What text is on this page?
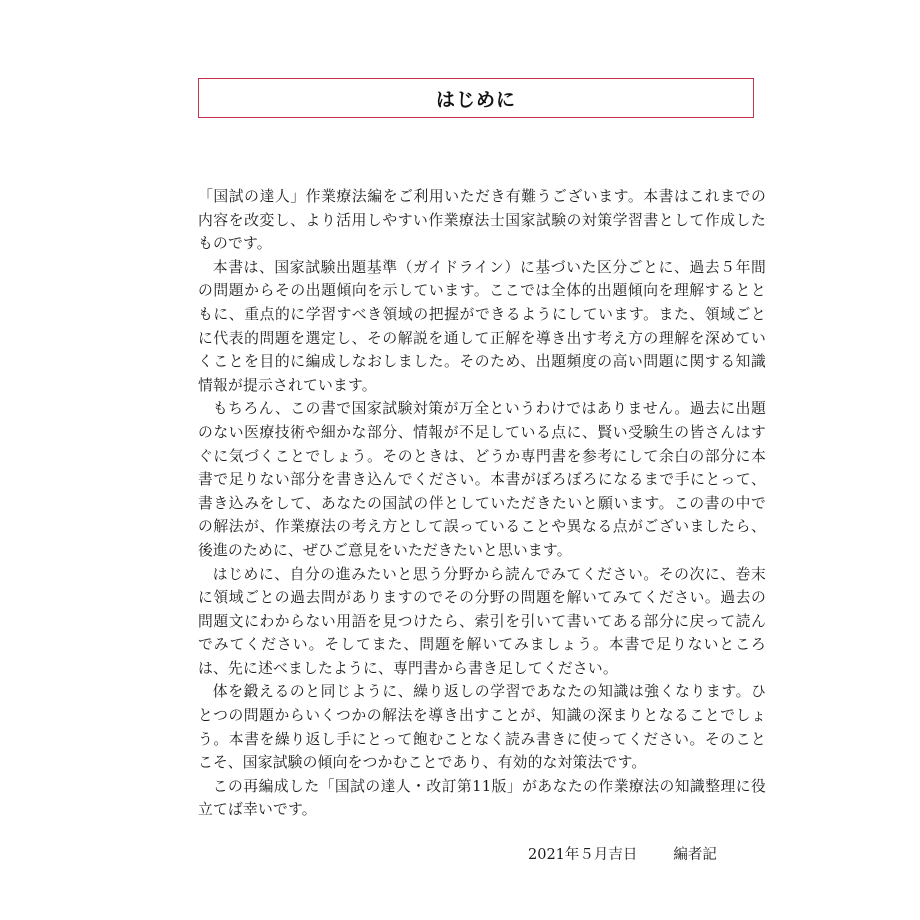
はじめに

「国試の達人」作業療法編をご利用いただき有難うございます。本書はこれまでの内容を改変し、より活用しやすい作業療法士国家試験の対策学習書として作成したものです。

本書は、国家試験出題基準（ガイドライン）に基づいた区分ごとに、過去５年間の問題からその出題傾向を示しています。ここでは全体的出題傾向を理解するとともに、重点的に学習すべき領域の把握ができるようにしています。また、領域ごとに代表的問題を選定し、その解説を通して正解を導き出す考え方の理解を深めていくことを目的に編成しなおしました。そのため、出題頻度の高い問題に関する知識情報が提示されています。

もちろん、この書で国家試験対策が万全というわけではありません。過去に出題のない医療技術や細かな部分、情報が不足している点に、賢い受験生の皆さんはすぐに気づくことでしょう。そのときは、どうか専門書を参考にして余白の部分に本書で足りない部分を書き込んでください。本書がぼろぼろになるまで手にとって、書き込みをして、あなたの国試の伴としていただきたいと願います。この書の中での解法が、作業療法の考え方として誤っていることや異なる点がございましたら、後進のために、ぜひご意見をいただきたいと思います。

はじめに、自分の進みたいと思う分野から読んでみてください。その次に、巻末に領域ごとの過去問がありますのでその分野の問題を解いてみてください。過去の問題文にわからない用語を見つけたら、索引を引いて書いてある部分に戻って読んでみてください。そしてまた、問題を解いてみましょう。本書で足りないところは、先に述べましたように、専門書から書き足してください。

体を鍛えるのと同じように、繰り返しの学習であなたの知識は強くなります。ひとつの問題からいくつかの解法を導き出すことが、知識の深まりとなることでしょう。本書を繰り返し手にとって飽むことなく読み書きに使ってください。そのことこそ、国家試験の傾向をつかむことであり、有効的な対策法です。

この再編成した「国試の達人・改訂第11版」があなたの作業療法の知識整理に役立てば幸いです。

2021年５月吉日 編者記
